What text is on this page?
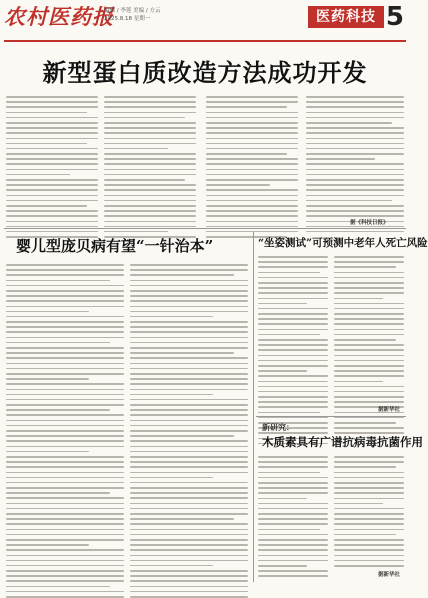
农村医药报
编辑 / 李莲 美编 / 方云
2025.8.18 星期一	医药科技 5
新型蛋白质改造方法成功开发
据《科技日报》
婴儿型庞贝病有望“一针治本”	“坐姿测试”可预测中老年人死亡风险
据新华社
新研究：
木质素具有广谱抗病毒抗菌作用
据新华社
